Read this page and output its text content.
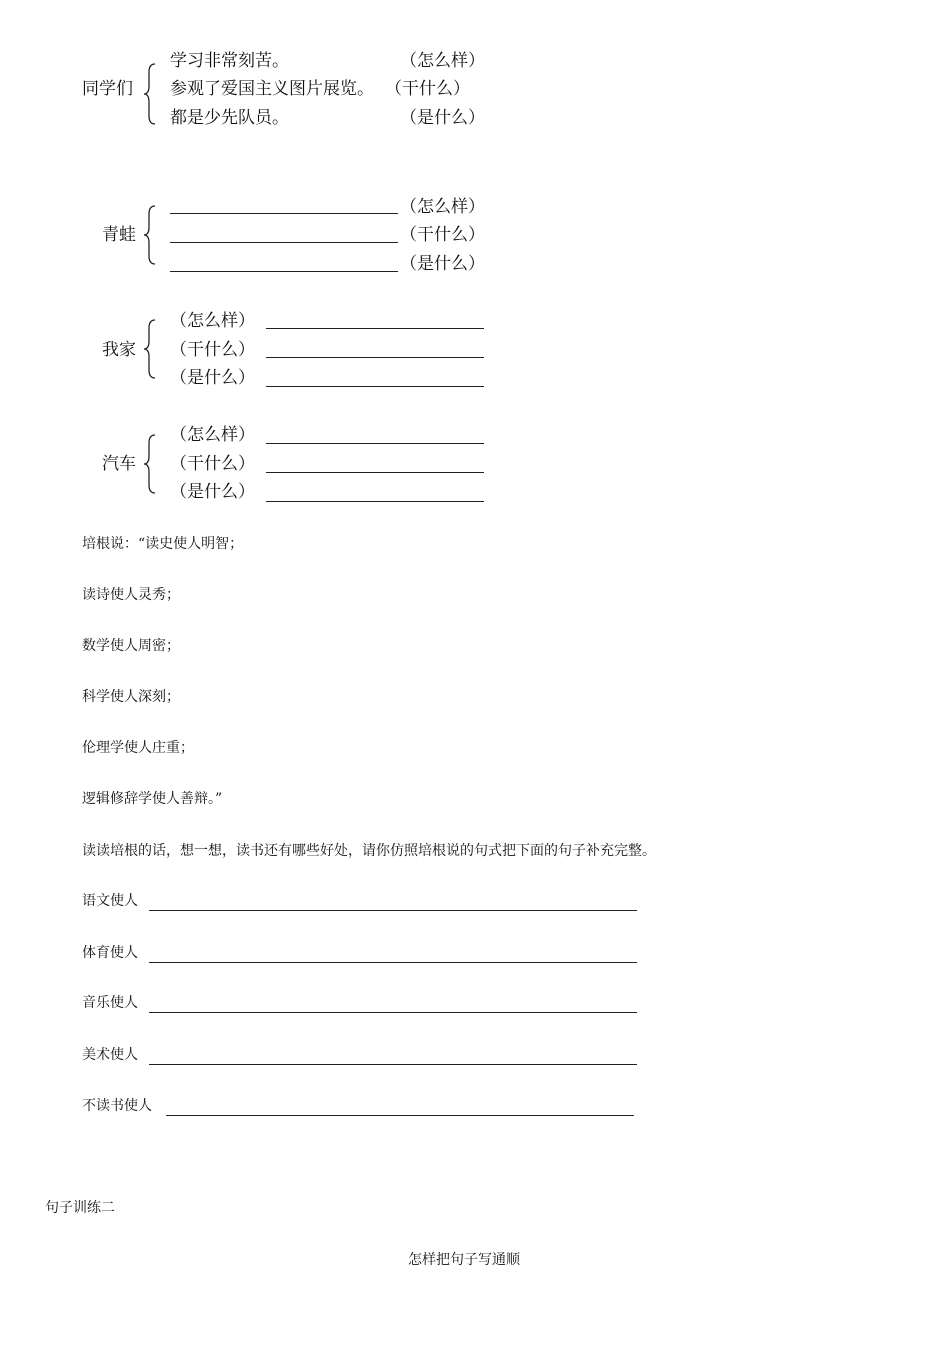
同学们
学习非常刻苦。	（怎么样）
参观了爱国主义图片展览。 （干什么）
都是少先队员。	（是什么）
青蛙
（怎么样）
（干什么）
（是什么）
我家
（怎么样）
（干什么）
（是什么）
汽车
（怎么样）
（干什么）
（是什么）
培根说：“读史使人明智；
读诗使人灵秀；
数学使人周密；
科学使人深刻；
伦理学使人庄重；
逻辑修辞学使人善辩。”
读读培根的话，想一想，读书还有哪些好处，请你仿照培根说的句式把下面的句子补充完整。
语文使人
体育使人
音乐使人
美术使人
不读书使人
句子训练二
怎样把句子写通顺
